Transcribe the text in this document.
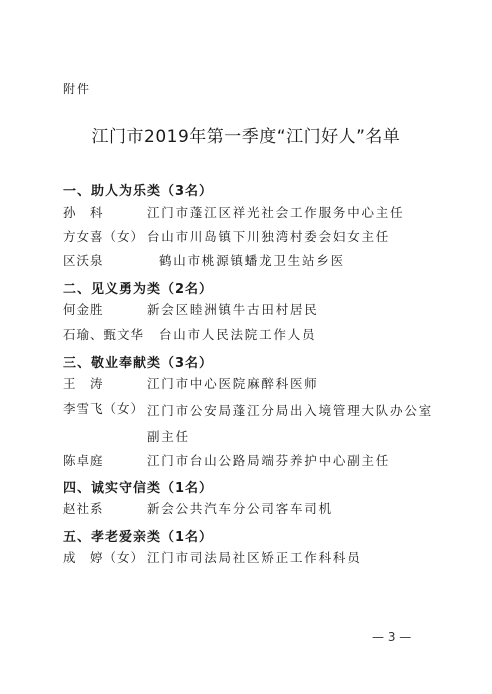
附件
江门市2019年第一季度“江门好人”名单
一、助人为乐类（3名）
孙　科	江门市蓬江区祥光社会工作服务中心主任
方女喜（女） 台山市川岛镇下川独湾村委会妇女主任
区沃泉	鹤山市桃源镇蟠龙卫生站乡医
二、见义勇为类（2名）
何金胜	新会区睦洲镇牛古田村居民
石瑜、甄文华 台山市人民法院工作人员
三、敬业奉献类（3名）
王　涛	江门市中心医院麻醉科医师
李雪飞（女） 江门市公安局蓬江分局出入境管理大队办公室副主任
陈卓庭	江门市台山公路局端芬养护中心副主任
四、诚实守信类（1名）
赵社系	新会公共汽车分公司客车司机
五、孝老爱亲类（1名）
成　婷（女） 江门市司法局社区矫正工作科科员
— 3 —
